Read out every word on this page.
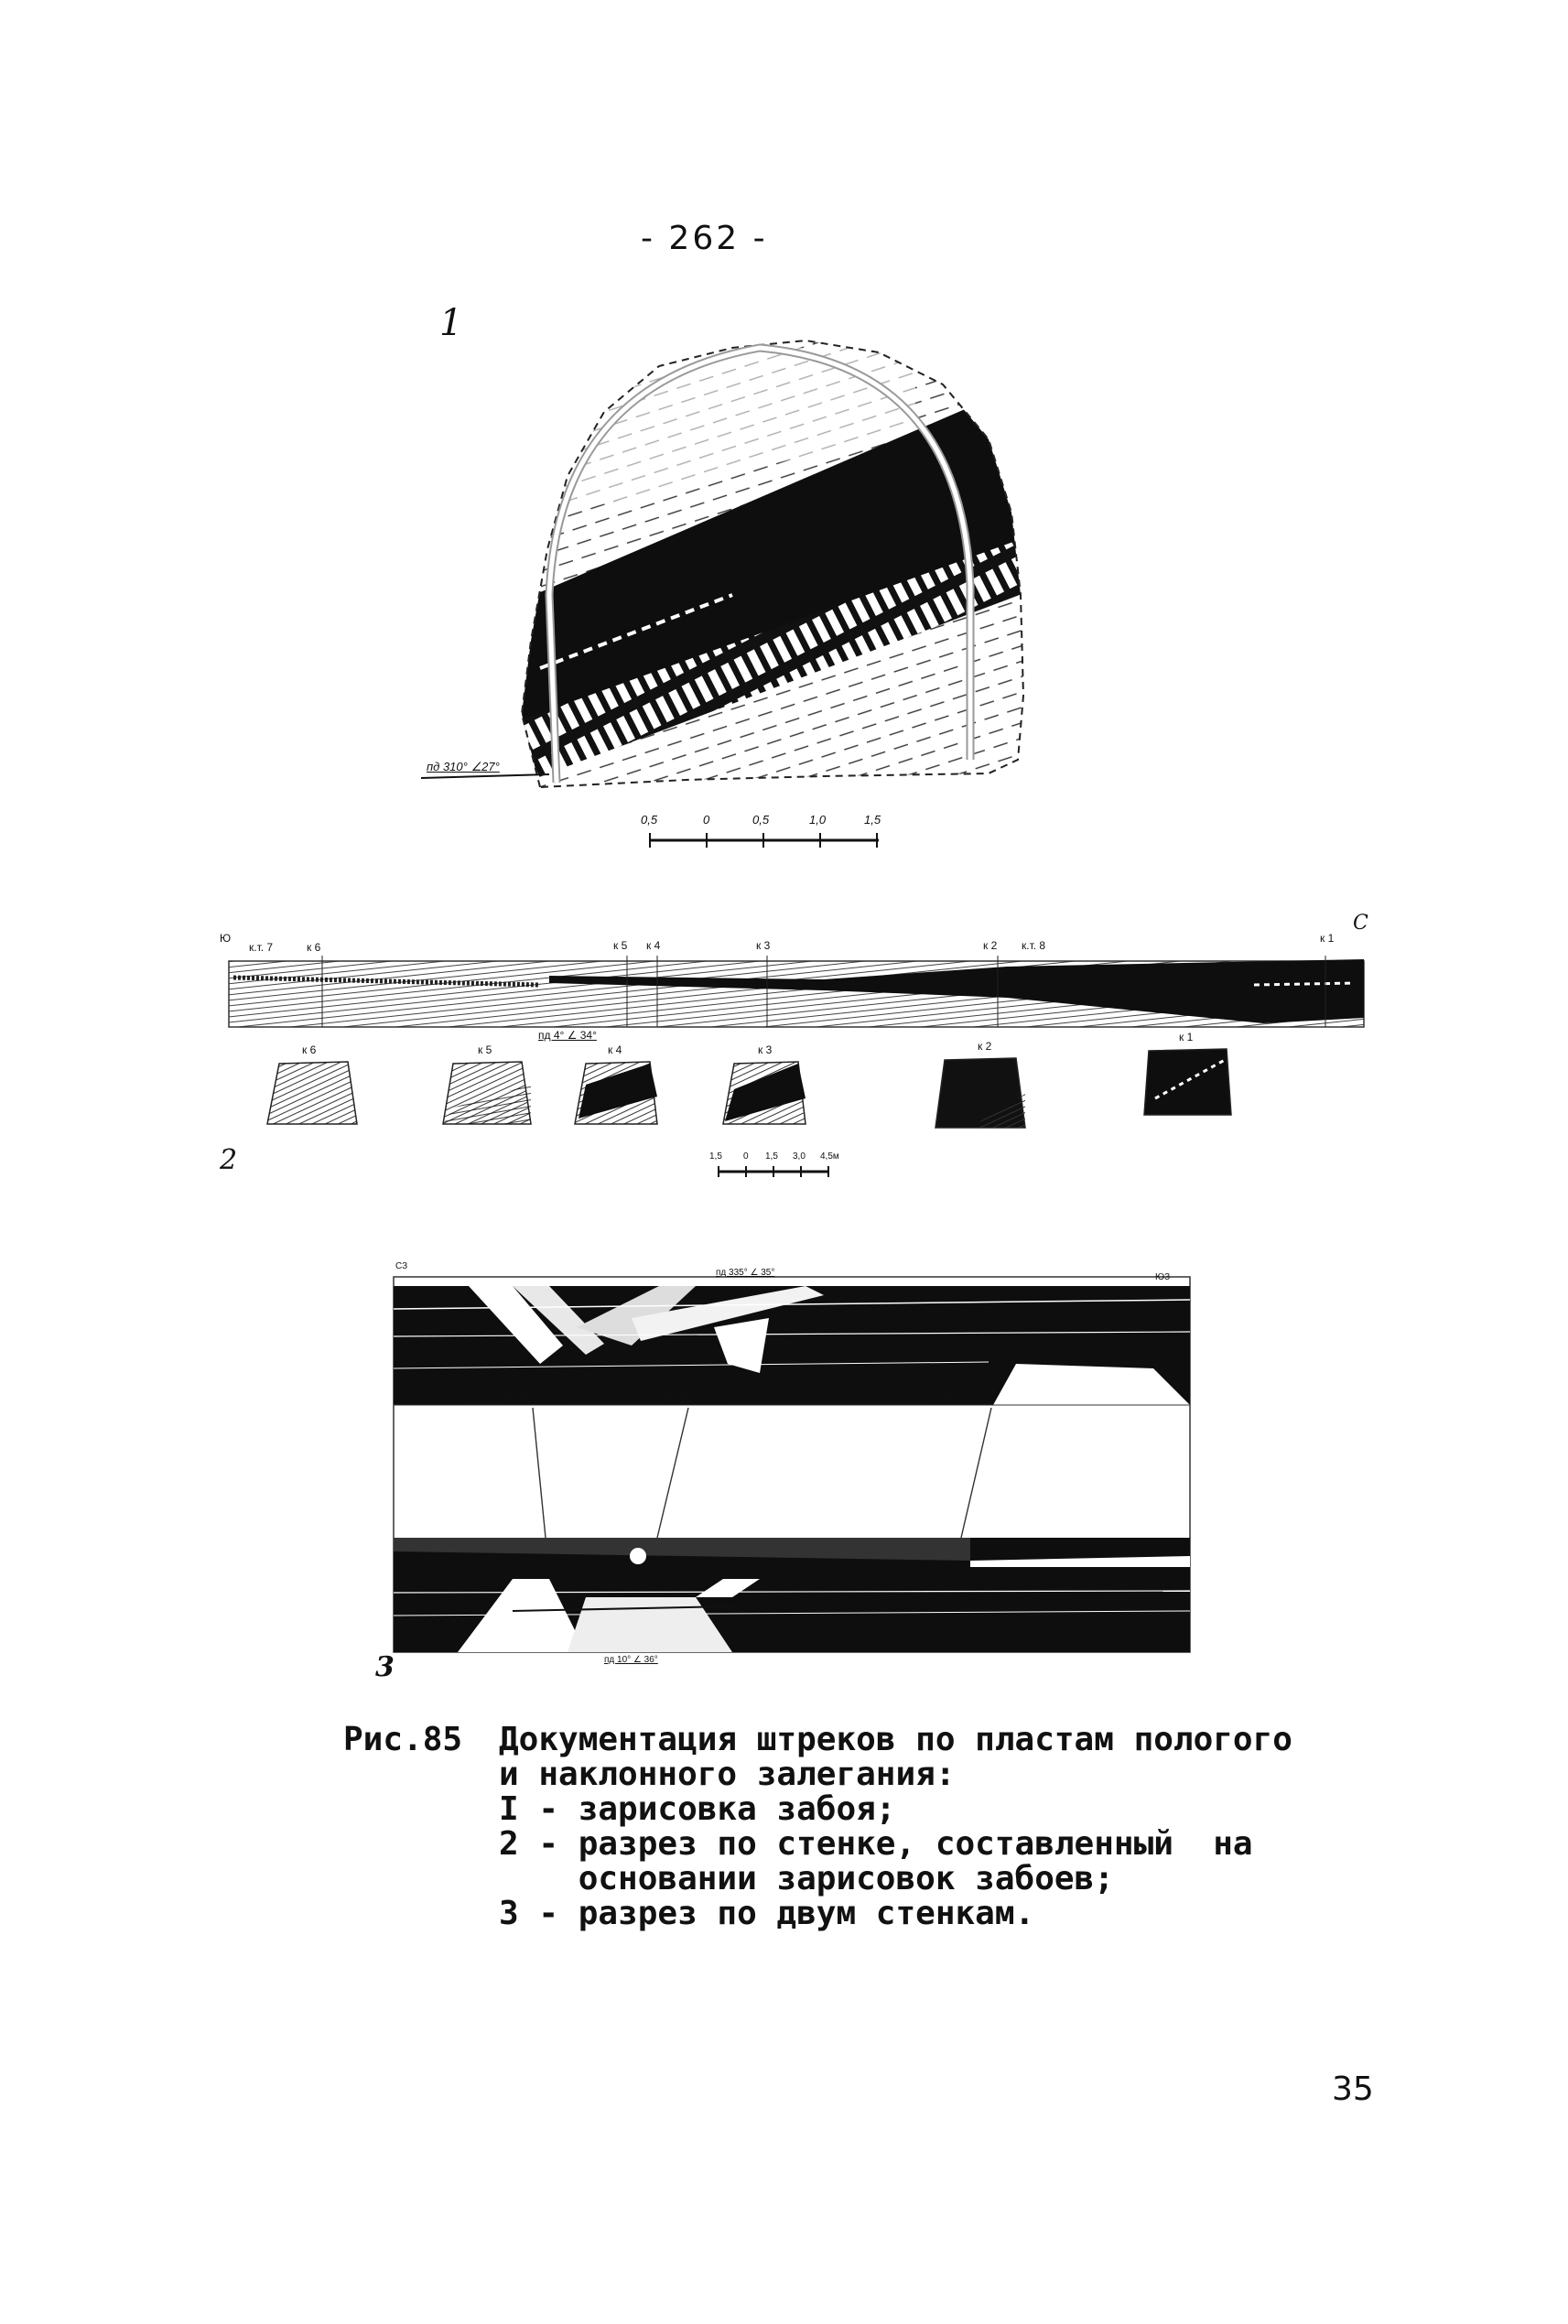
- 262 -
1
пд 310° ∠27°
0,5	0	0,5	1,0	1,5
Ю
С
к.т. 7	к 6	к 5 к 4	к 3	к 2 к.т. 8
к 1
пд 4° ∠ 34°
к 6	к 5	к 4	к 3	к 2
к 1
2	1,5 0 1,5 3,0 4,5м
СЗ
ЮЗ
пд 335° ∠ 35°
пд 325° ∠ 60°	пд 330° ∠ 67°	пд 330° ∠ 80°	пд 30° ∠ 8°
пд 10° ∠ 36°
3
Рис.85	Документация штреков по пластам пологого
и наклонного залегания:
I - зарисовка забоя;
2 - разрез по стенке, составленный  на
основании зарисовок забоев;
3 - разрез по двум стенкам.
35
